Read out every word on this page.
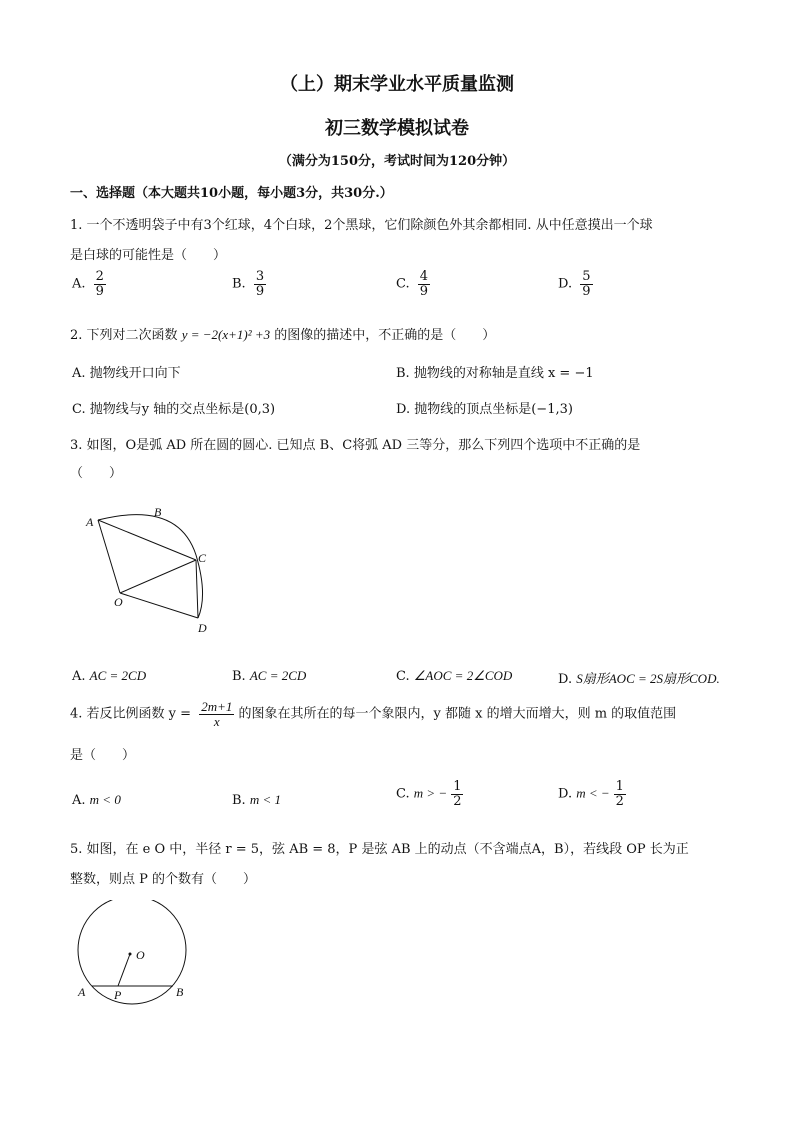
（上）期末学业水平质量监测
初三数学模拟试卷
（满分为150分，考试时间为120分钟）
一、选择题（本大题共10小题，每小题3分，共30分.）
1. 一个不透明袋子中有3个红球，4个白球，2个黑球，它们除颜色外其余都相同. 从中任意摸出一个球
是白球的可能性是（　　）
A. $\frac{2}{9}$	B. $\frac{3}{9}$	C. $\frac{4}{9}$	D. $\frac{5}{9}$
2. 下列对二次函数 y = −2(x+1)² +3 的图像的描述中，不正确的是（　　）
A. 抛物线开口向下	B. 抛物线的对称轴是直线 x = −1
C. 抛物线与y 轴的交点坐标是(0,3)	D. 抛物线的顶点坐标是(−1,3)
3. 如图，O是弧 AD 所在圆的圆心. 已知点 B、C将弧 AD 三等分，那么下列四个选项中不正确的是
（　　）
A
B
C
O
D
A. AC = 2CD	B. AC = 2CD	C. ∠AOC = 2∠COD	D. S扇形AOC = 2S扇形COD.
4. 若反比例函数 $y = \frac{2m+1}{x}$ 的图象在其所在的每一个象限内，y 都随 x 的增大而增大，则 m 的取值范围
是（　　）
A. m < 0	B. m < 1	C. m > − $\frac{1}{2}$	D. m < − $\frac{1}{2}$
5. 如图，在 e O 中，半径 r = 5，弦 AB = 8，P 是弦 AB 上的动点（不含端点A，B），若线段 OP 长为正
整数，则点 P 的个数有（　　）
O
A P	B
